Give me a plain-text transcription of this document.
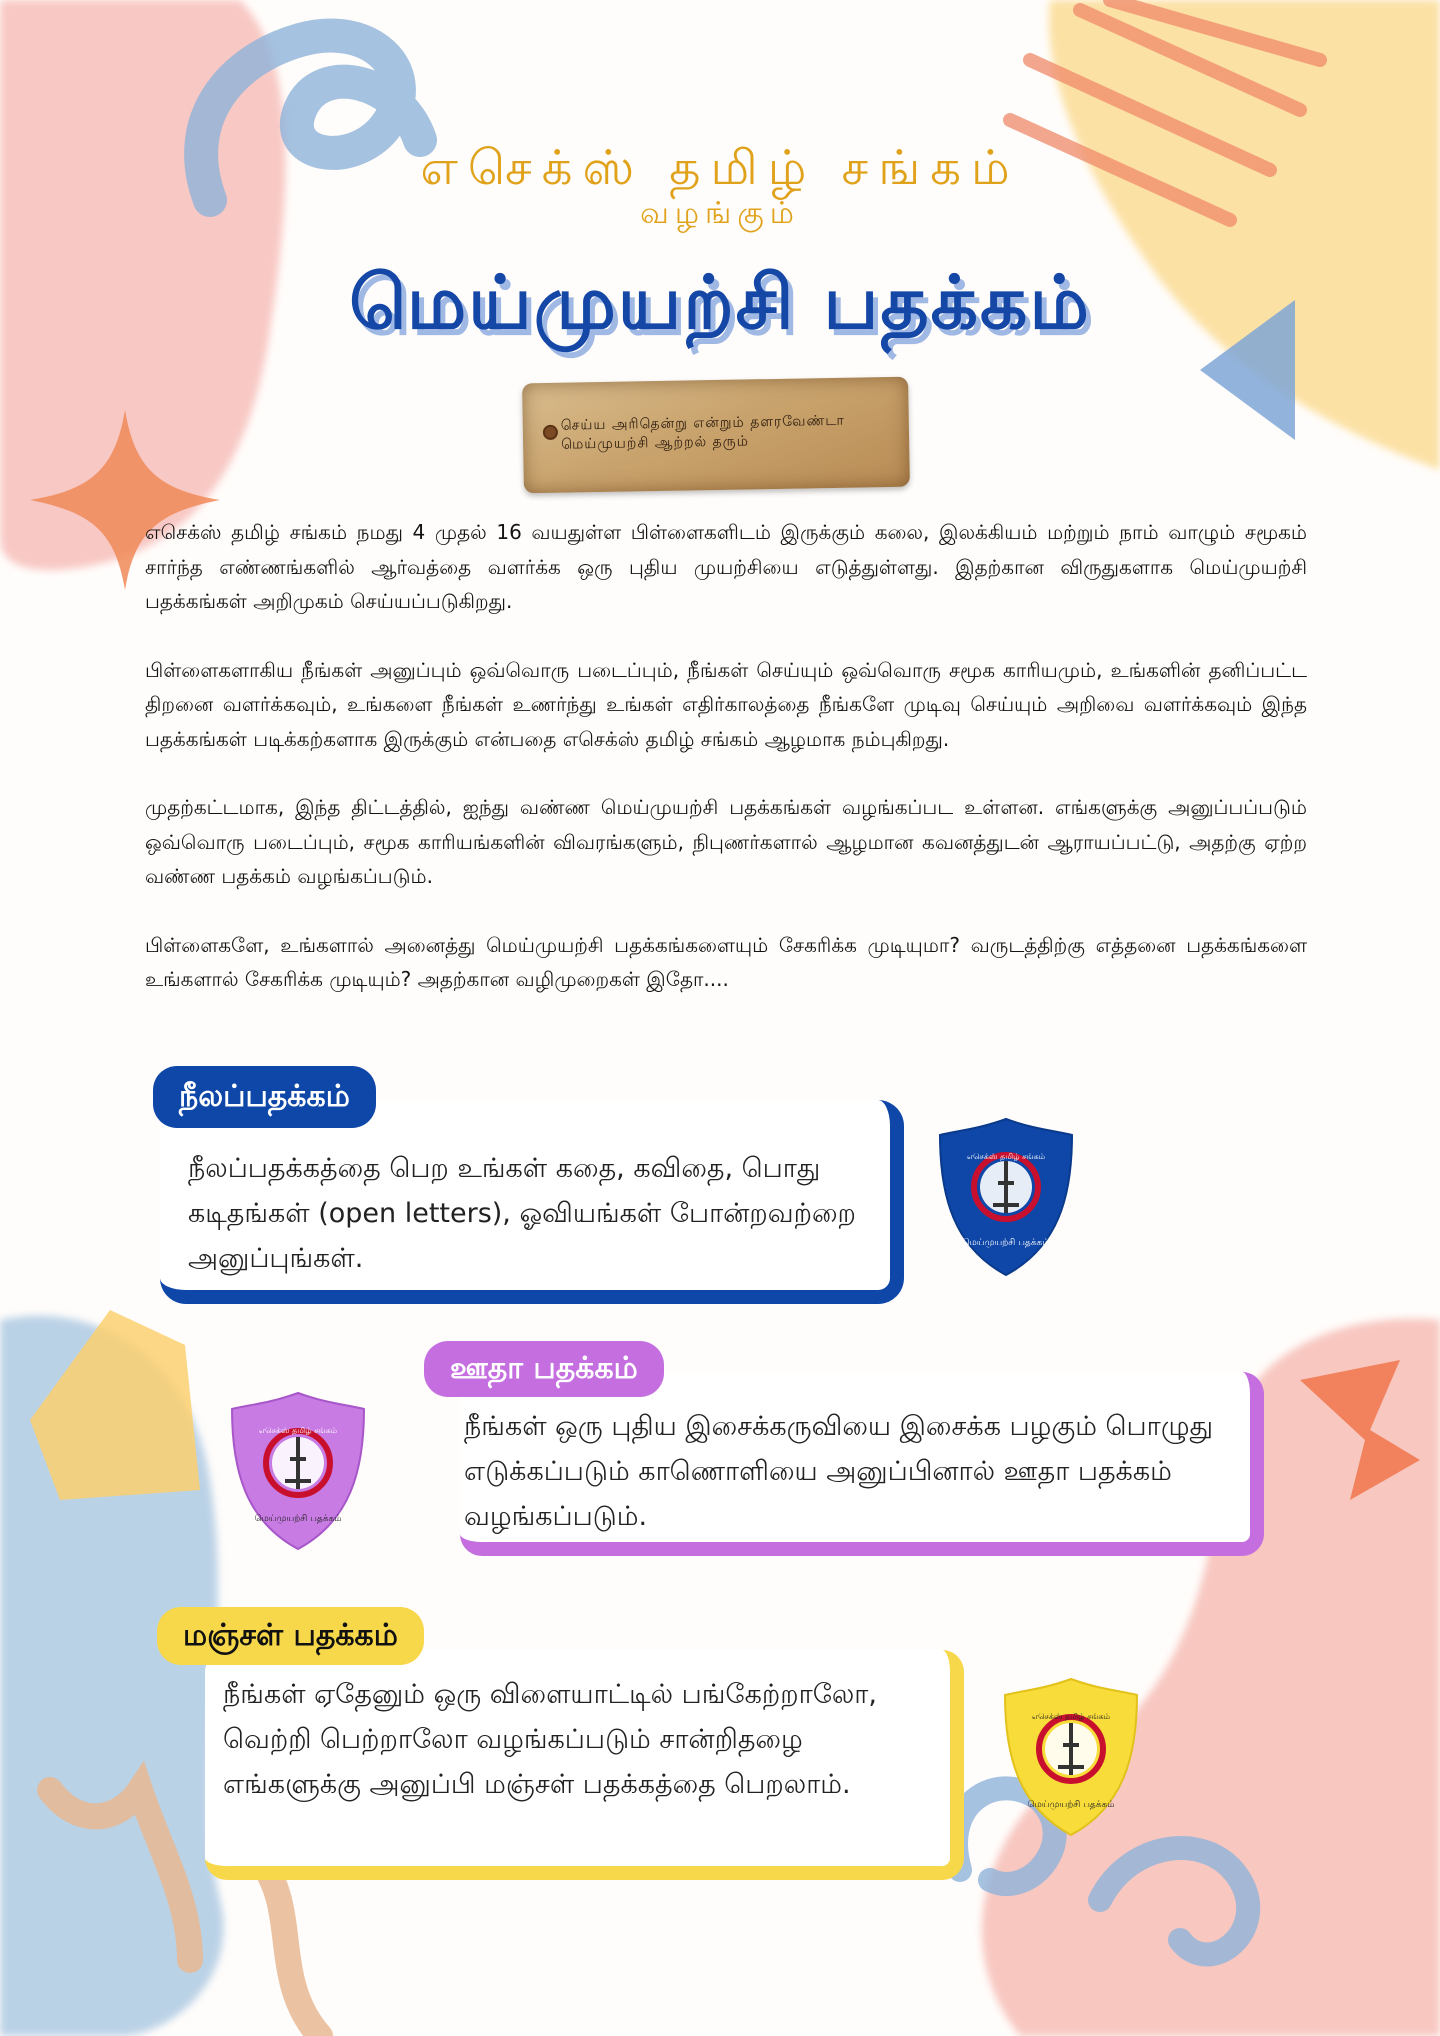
எசெக்ஸ் தமிழ் சங்கம்
வழங்கும்
மெய்முயற்சி பதக்கம்
செய்ய அரிதென்று என்றும் தளரவேண்டா
மெய்முயற்சி ஆற்றல் தரும்

எசெக்ஸ் தமிழ் சங்கம் நமது 4 முதல் 16 வயதுள்ள பிள்ளைகளிடம் இருக்கும் கலை, இலக்கியம் மற்றும் நாம் வாழும் சமூகம் சார்ந்த எண்ணங்களில் ஆர்வத்தை வளர்க்க ஒரு புதிய முயற்சியை எடுத்துள்ளது. இதற்கான விருதுகளாக மெய்முயற்சி பதக்கங்கள் அறிமுகம் செய்யப்படுகிறது.

பிள்ளைகளாகிய நீங்கள் அனுப்பும் ஒவ்வொரு படைப்பும், நீங்கள் செய்யும் ஒவ்வொரு சமூக காரியமும், உங்களின் தனிப்பட்ட திறனை வளர்க்கவும், உங்களை நீங்கள் உணர்ந்து உங்கள் எதிர்காலத்தை நீங்களே முடிவு செய்யும் அறிவை வளர்க்கவும் இந்த பதக்கங்கள் படிக்கற்களாக இருக்கும் என்பதை எசெக்ஸ் தமிழ் சங்கம் ஆழமாக நம்புகிறது.

முதற்கட்டமாக, இந்த திட்டத்தில், ஐந்து வண்ண மெய்முயற்சி பதக்கங்கள் வழங்கப்பட உள்ளன. எங்களுக்கு அனுப்பப்படும் ஒவ்வொரு படைப்பும், சமூக காரியங்களின் விவரங்களும், நிபுணர்களால் ஆழமான கவனத்துடன் ஆராயப்பட்டு, அதற்கு ஏற்ற வண்ண பதக்கம் வழங்கப்படும்.

பிள்ளைகளே, உங்களால் அனைத்து மெய்முயற்சி பதக்கங்களையும் சேகரிக்க முடியுமா? வருடத்திற்கு எத்தனை பதக்கங்களை உங்களால் சேகரிக்க முடியும்? அதற்கான வழிமுறைகள் இதோ....

நீலப்பதக்கம்
நீலப்பதக்கத்தை பெற உங்கள் கதை, கவிதை, பொது கடிதங்கள் (open letters), ஓவியங்கள் போன்றவற்றை அனுப்புங்கள்.
எசெக்ஸ் தமிழ் சங்கம்
மெய்முயற்சி பதக்கம்
ஊதா பதக்கம்
நீங்கள் ஒரு புதிய இசைக்கருவியை இசைக்க பழகும் பொழுது எடுக்கப்படும் காணொளியை அனுப்பினால் ஊதா பதக்கம் வழங்கப்படும்.
எசெக்ஸ் தமிழ் சங்கம்
மெய்முயற்சி பதக்கம்
மஞ்சள் பதக்கம்
நீங்கள் ஏதேனும் ஒரு விளையாட்டில் பங்கேற்றாலோ, வெற்றி பெற்றாலோ வழங்கப்படும் சான்றிதழை எங்களுக்கு அனுப்பி மஞ்சள் பதக்கத்தை பெறலாம்.
எசெக்ஸ் தமிழ் சங்கம்
மெய்முயற்சி பதக்கம்
